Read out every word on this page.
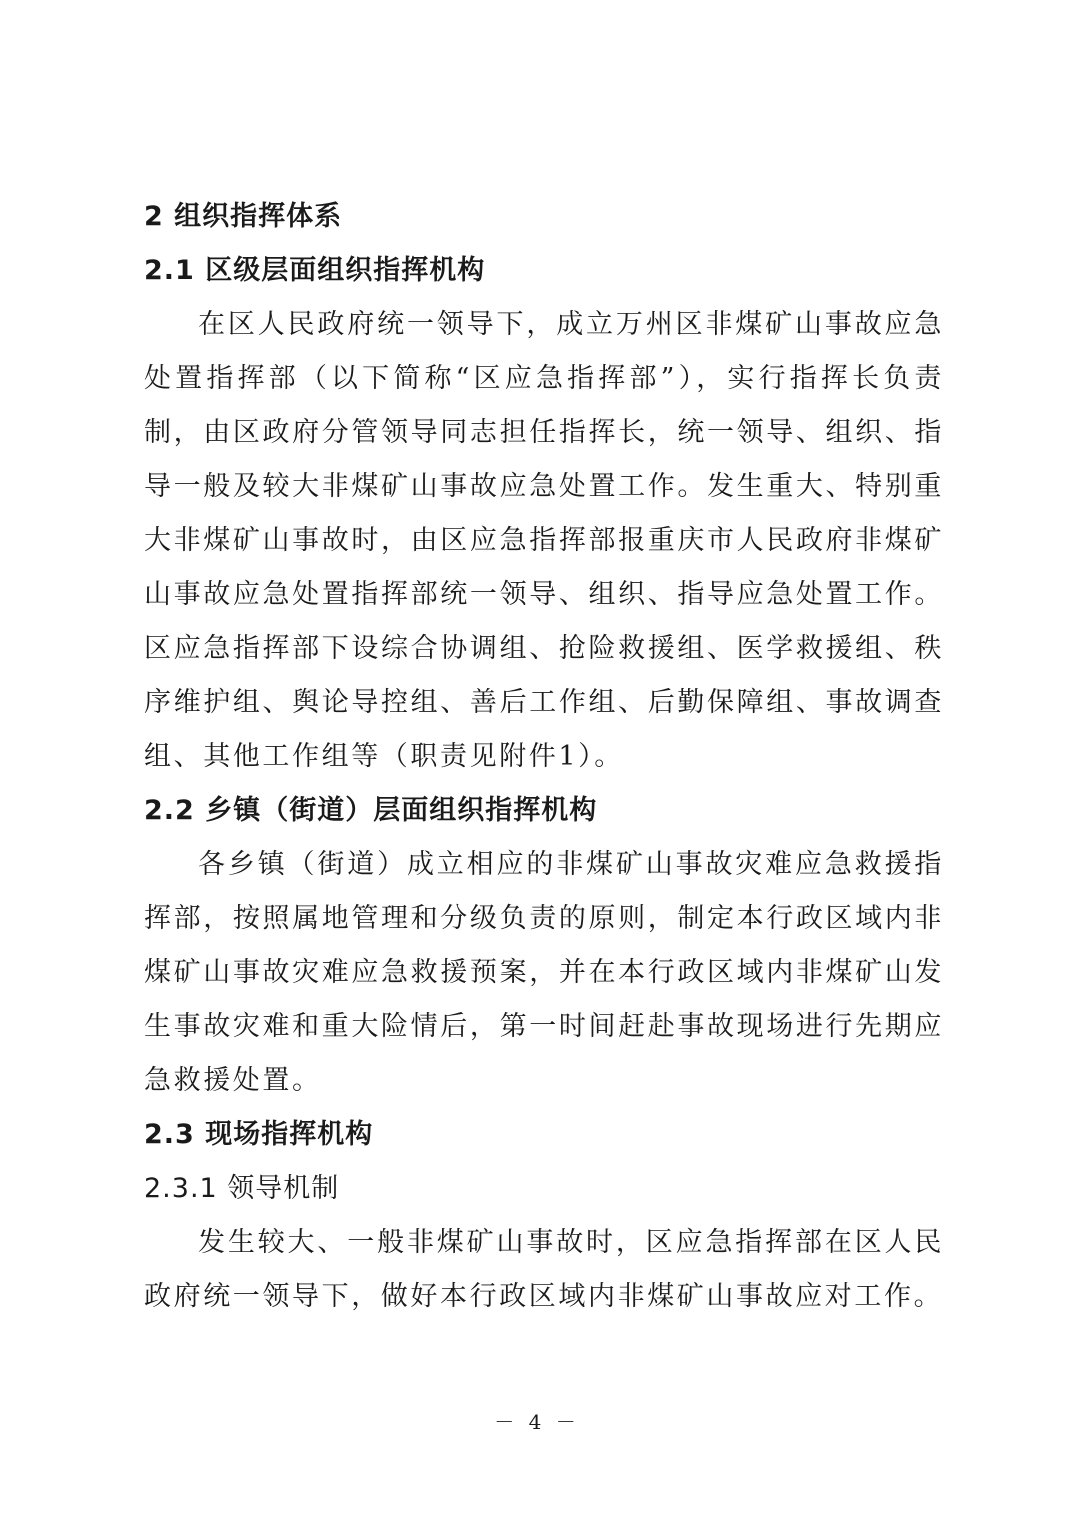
2 组织指挥体系

2.1 区级层面组织指挥机构

在区人民政府统一领导下，成立万州区非煤矿山事故应急处置指挥部（以下简称“区应急指挥部”），实行指挥长负责制，由区政府分管领导同志担任指挥长，统一领导、组织、指导一般及较大非煤矿山事故应急处置工作。发生重大、特别重大非煤矿山事故时，由区应急指挥部报重庆市人民政府非煤矿山事故应急处置指挥部统一领导、组织、指导应急处置工作。区应急指挥部下设综合协调组、抢险救援组、医学救援组、秩序维护组、舆论导控组、善后工作组、后勤保障组、事故调查组、其他工作组等（职责见附件1）。

2.2 乡镇（街道）层面组织指挥机构

各乡镇（街道）成立相应的非煤矿山事故灾难应急救援指挥部，按照属地管理和分级负责的原则，制定本行政区域内非煤矿山事故灾难应急救援预案，并在本行政区域内非煤矿山发生事故灾难和重大险情后，第一时间赶赴事故现场进行先期应急救援处置。

2.3 现场指挥机构

2.3.1 领导机制

发生较大、一般非煤矿山事故时，区应急指挥部在区人民政府统一领导下，做好本行政区域内非煤矿山事故应对工作。

－ 4 －
